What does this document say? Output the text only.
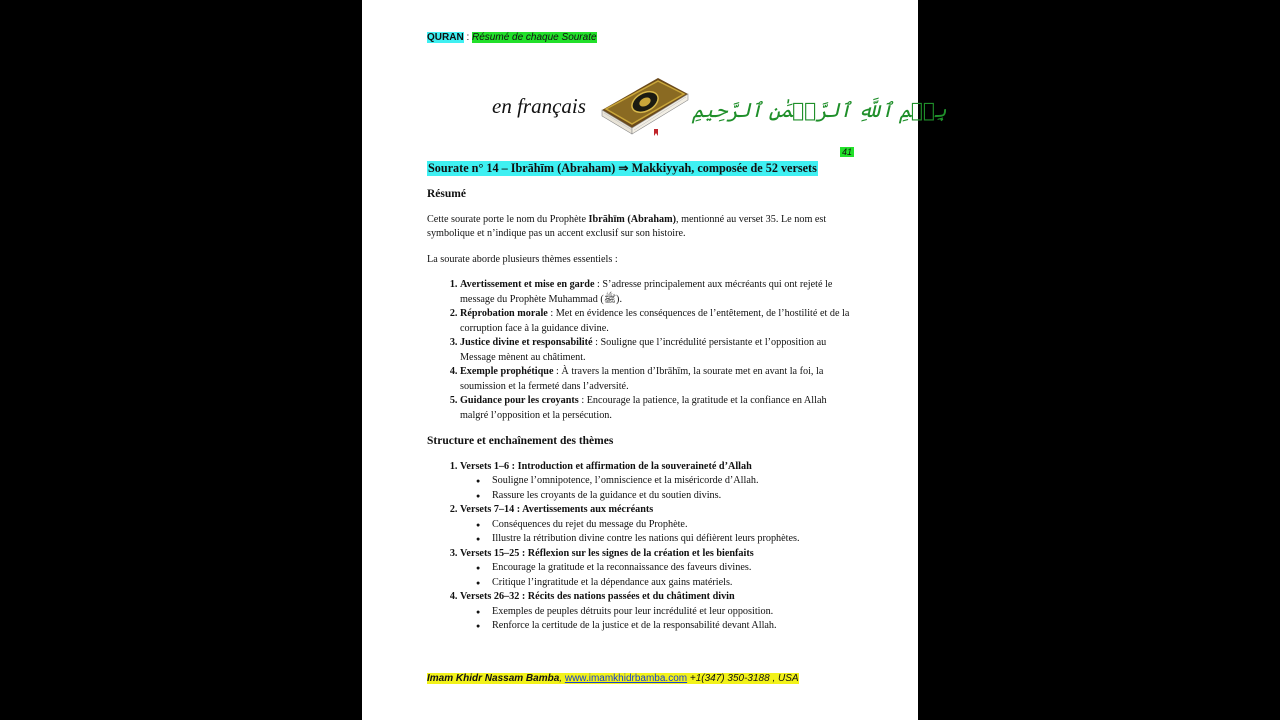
QURAN : Résumé de chaque Sourate
en français	بِسۡمِ ٱللَّهِ ٱلرَّحۡمَٰنِ ٱلرَّحِيمِ
41
Sourate n° 14 – Ibrāhīm (Abraham) ⇒ Makkiyyah, composée de 52 versets
Résumé

Cette sourate porte le nom du Prophète Ibrāhīm (Abraham), mentionné au verset 35. Le nom est symbolique et n’indique pas un accent exclusif sur son histoire.

La sourate aborde plusieurs thèmes essentiels :

1. Avertissement et mise en garde : S’adresse principalement aux mécréants qui ont rejeté le message du Prophète Muhammad (ﷺ).
2. Réprobation morale : Met en évidence les conséquences de l’entêtement, de l’hostilité et de la corruption face à la guidance divine.
3. Justice divine et responsabilité : Souligne que l’incrédulité persistante et l’opposition au Message mènent au châtiment.
4. Exemple prophétique : À travers la mention d’Ibrāhīm, la sourate met en avant la foi, la soumission et la fermeté dans l’adversité.
5. Guidance pour les croyants : Encourage la patience, la gratitude et la confiance en Allah malgré l’opposition et la persécution.
Structure et enchaînement des thèmes
1. Versets 1–6 : Introduction et affirmation de la souveraineté d’Allah
● Souligne l’omnipotence, l’omniscience et la miséricorde d’Allah.
● Rassure les croyants de la guidance et du soutien divins.
2. Versets 7–14 : Avertissements aux mécréants
● Conséquences du rejet du message du Prophète.
● Illustre la rétribution divine contre les nations qui défièrent leurs prophètes.
3. Versets 15–25 : Réflexion sur les signes de la création et les bienfaits
● Encourage la gratitude et la reconnaissance des faveurs divines.
● Critique l’ingratitude et la dépendance aux gains matériels.
4. Versets 26–32 : Récits des nations passées et du châtiment divin
● Exemples de peuples détruits pour leur incrédulité et leur opposition.
● Renforce la certitude de la justice et de la responsabilité devant Allah.
Imam Khidr Nassam Bamba, www.imamkhidrbamba.com +1(347) 350-3188 , USA
